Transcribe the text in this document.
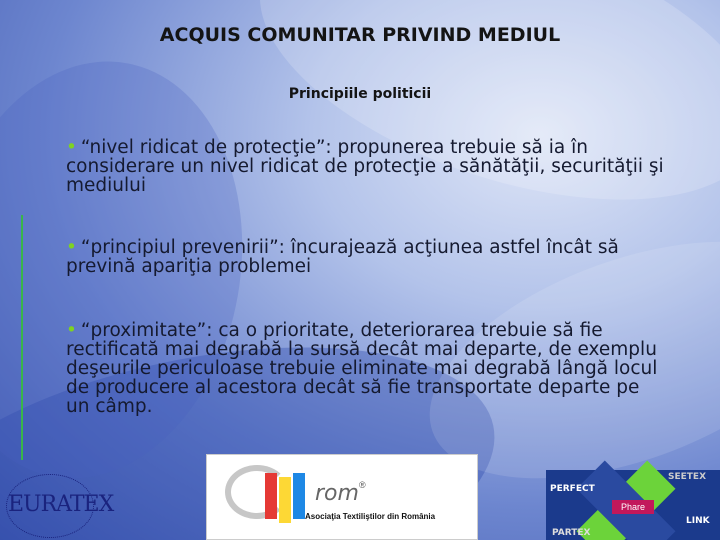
ACQUIS COMUNITAR PRIVIND MEDIUL
Principiile politicii
• “nivel ridicat de protecţie”: propunerea trebuie să ia în considerare un nivel ridicat de protecţie a sănătăţii, securităţii şi mediului
• “principiul prevenirii”: încurajează acţiunea astfel încât să prevină apariţia problemei
• “proximitate”: ca o prioritate, deteriorarea trebuie să fie rectificată mai degrabă la sursă decât mai departe, de exemplu deşeurile periculoase trebuie eliminate mai degrabă lângă locul de producere al acestora decât să fie transportate departe pe un câmp.
EURATEX	rom ®
Asociaţia Textiliştilor din România
SEETEX
PERFECT
Phare
PARTEX
LINK
